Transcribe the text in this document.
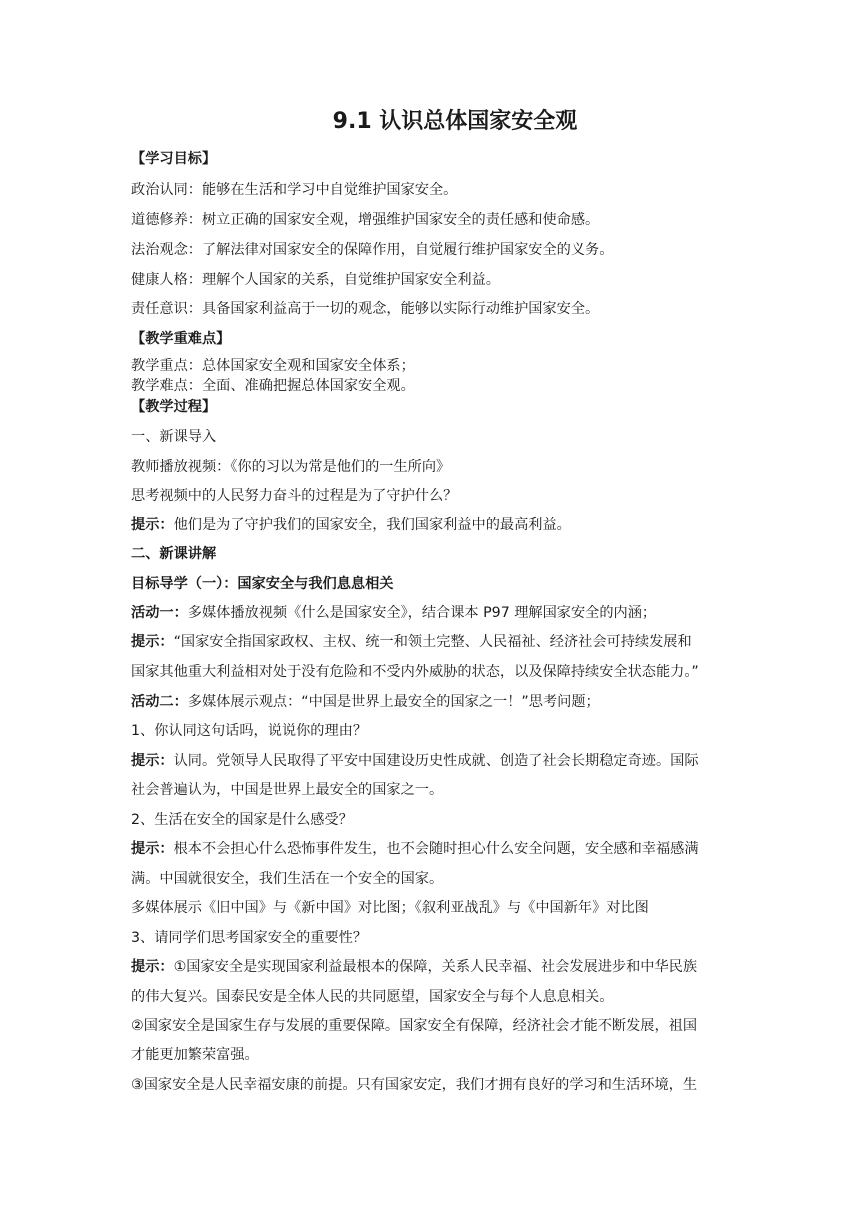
9.1 认识总体国家安全观
【学习目标】
政治认同：能够在生活和学习中自觉维护国家安全。
道德修养：树立正确的国家安全观，增强维护国家安全的责任感和使命感。
法治观念：了解法律对国家安全的保障作用，自觉履行维护国家安全的义务。
健康人格：理解个人国家的关系，自觉维护国家安全利益。
责任意识：具备国家利益高于一切的观念，能够以实际行动维护国家安全。
【教学重难点】
教学重点：总体国家安全观和国家安全体系；
教学难点：全面、准确把握总体国家安全观。
【教学过程】
一、新课导入
教师播放视频：《你的习以为常是他们的一生所向》
思考视频中的人民努力奋斗的过程是为了守护什么？
提示：他们是为了守护我们的国家安全，我们国家利益中的最高利益。
二、新课讲解
目标导学（一）：国家安全与我们息息相关
活动一：多媒体播放视频《什么是国家安全》，结合课本 P97 理解国家安全的内涵；
提示：“国家安全指国家政权、主权、统一和领土完整、人民福祉、经济社会可持续发展和
国家其他重大利益相对处于没有危险和不受内外威胁的状态，以及保障持续安全状态能力。”
活动二：多媒体展示观点：“中国是世界上最安全的国家之一！”思考问题；
1、你认同这句话吗，说说你的理由？
提示：认同。党领导人民取得了平安中国建设历史性成就、创造了社会长期稳定奇迹。国际
社会普遍认为，中国是世界上最安全的国家之一。
2、生活在安全的国家是什么感受？
提示：根本不会担心什么恐怖事件发生，也不会随时担心什么安全问题，安全感和幸福感满
满。中国就很安全，我们生活在一个安全的国家。
多媒体展示《旧中国》与《新中国》对比图；《叙利亚战乱》与《中国新年》对比图
3、请同学们思考国家安全的重要性？
提示：①国家安全是实现国家利益最根本的保障，关系人民幸福、社会发展进步和中华民族
的伟大复兴。国泰民安是全体人民的共同愿望，国家安全与每个人息息相关。
②国家安全是国家生存与发展的重要保障。国家安全有保障，经济社会才能不断发展，祖国
才能更加繁荣富强。
③国家安全是人民幸福安康的前提。只有国家安定，我们才拥有良好的学习和生活环境，生
